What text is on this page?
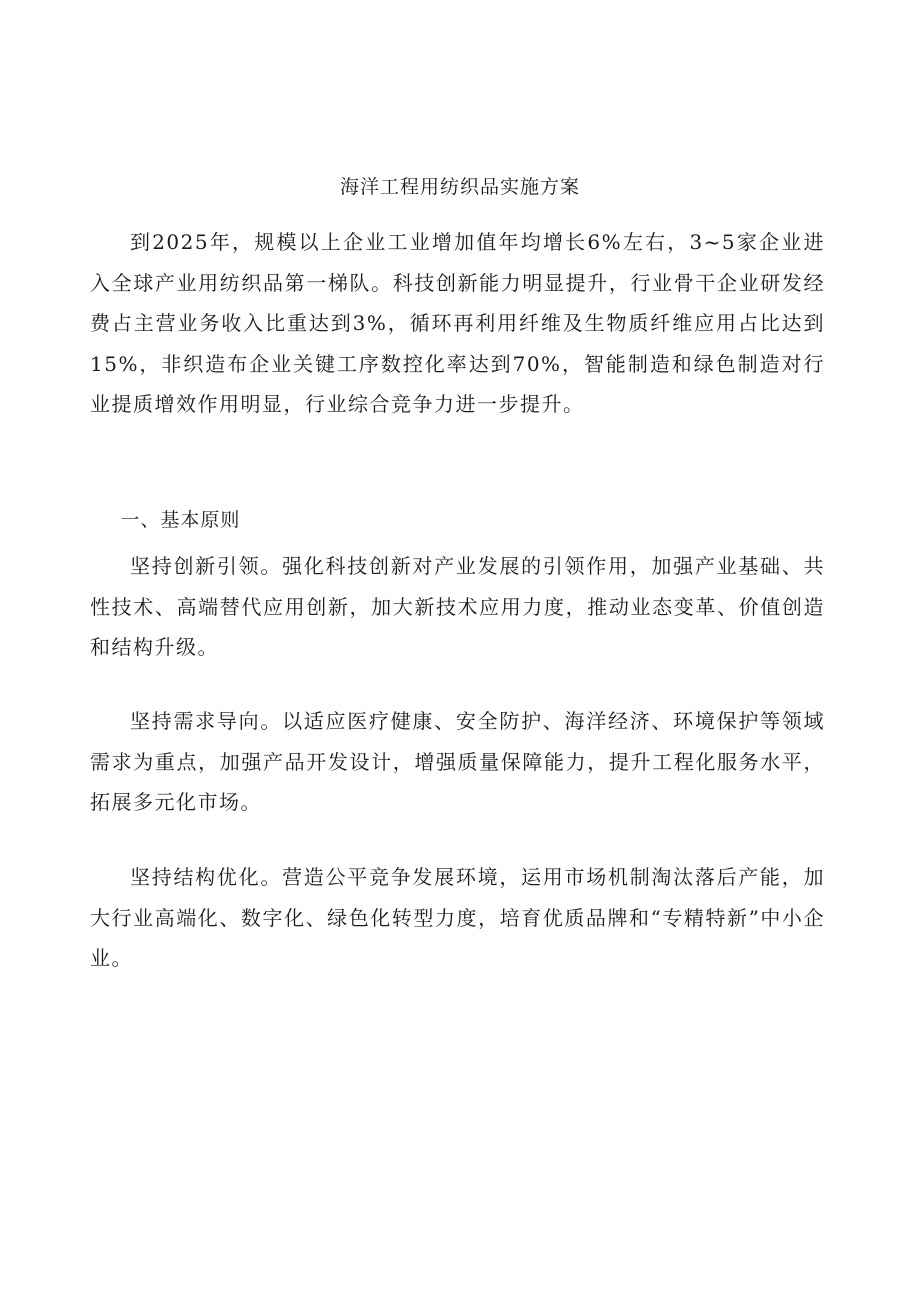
海洋工程用纺织品实施方案

到2025年，规模以上企业工业增加值年均增长6%左右，3~5家企业进入全球产业用纺织品第一梯队。科技创新能力明显提升，行业骨干企业研发经费占主营业务收入比重达到3%，循环再利用纤维及生物质纤维应用占比达到15%，非织造布企业关键工序数控化率达到70%，智能制造和绿色制造对行业提质增效作用明显，行业综合竞争力进一步提升。

一、基本原则

坚持创新引领。强化科技创新对产业发展的引领作用，加强产业基础、共性技术、高端替代应用创新，加大新技术应用力度，推动业态变革、价值创造和结构升级。

坚持需求导向。以适应医疗健康、安全防护、海洋经济、环境保护等领域需求为重点，加强产品开发设计，增强质量保障能力，提升工程化服务水平，拓展多元化市场。

坚持结构优化。营造公平竞争发展环境，运用市场机制淘汰落后产能，加大行业高端化、数字化、绿色化转型力度，培育优质品牌和“专精特新”中小企业。
